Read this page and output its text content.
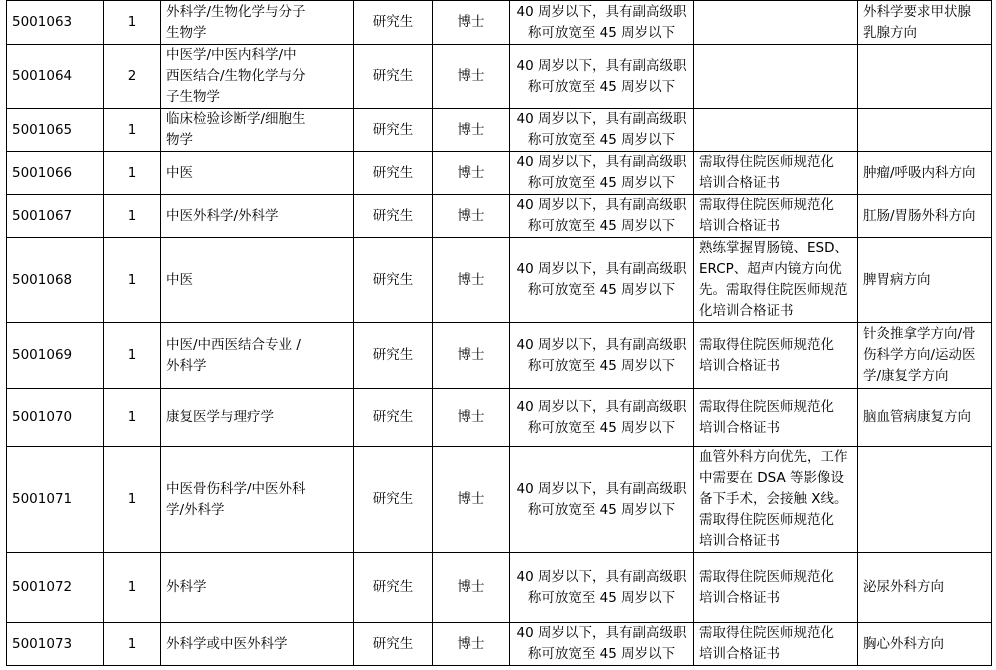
5001063	1	外科学/生物化学与分子
生物学	研究生	博士	40 周岁以下，具有副高级职
称可放宽至 45 周岁以下		外科学要求甲状腺
乳腺方向
5001064	2	中医学/中医内科学/中
西医结合/生物化学与分
子生物学	研究生	博士	40 周岁以下，具有副高级职
称可放宽至 45 周岁以下		
5001065	1	临床检验诊断学/细胞生
物学	研究生	博士	40 周岁以下，具有副高级职
称可放宽至 45 周岁以下		
5001066	1	中医	研究生	博士	40 周岁以下，具有副高级职
称可放宽至 45 周岁以下	需取得住院医师规范化
培训合格证书	肿瘤/呼吸内科方向
5001067	1	中医外科学/外科学	研究生	博士	40 周岁以下，具有副高级职
称可放宽至 45 周岁以下	需取得住院医师规范化
培训合格证书	肛肠/胃肠外科方向
5001068	1	中医	研究生	博士	40 周岁以下，具有副高级职
称可放宽至 45 周岁以下	熟练掌握胃肠镜、ESD、
ERCP、超声内镜方向优
先。需取得住院医师规范
化培训合格证书	脾胃病方向
5001069	1	中医/中西医结合专业 /
外科学	研究生	博士	40 周岁以下，具有副高级职
称可放宽至 45 周岁以下	需取得住院医师规范化
培训合格证书	针灸推拿学方向/骨
伤科学方向/运动医
学/康复学方向
5001070	1	康复医学与理疗学	研究生	博士	40 周岁以下，具有副高级职
称可放宽至 45 周岁以下	需取得住院医师规范化
培训合格证书	脑血管病康复方向
5001071	1	中医骨伤科学/中医外科
学/外科学	研究生	博士	40 周岁以下，具有副高级职
称可放宽至 45 周岁以下	血管外科方向优先，工作
中需要在 DSA 等影像设
备下手术，会接触 X线。
需取得住院医师规范化
培训合格证书	
5001072	1	外科学	研究生	博士	40 周岁以下，具有副高级职
称可放宽至 45 周岁以下	需取得住院医师规范化
培训合格证书	泌尿外科方向
5001073	1	外科学或中医外科学	研究生	博士	40 周岁以下，具有副高级职
称可放宽至 45 周岁以下	需取得住院医师规范化
培训合格证书	胸心外科方向
